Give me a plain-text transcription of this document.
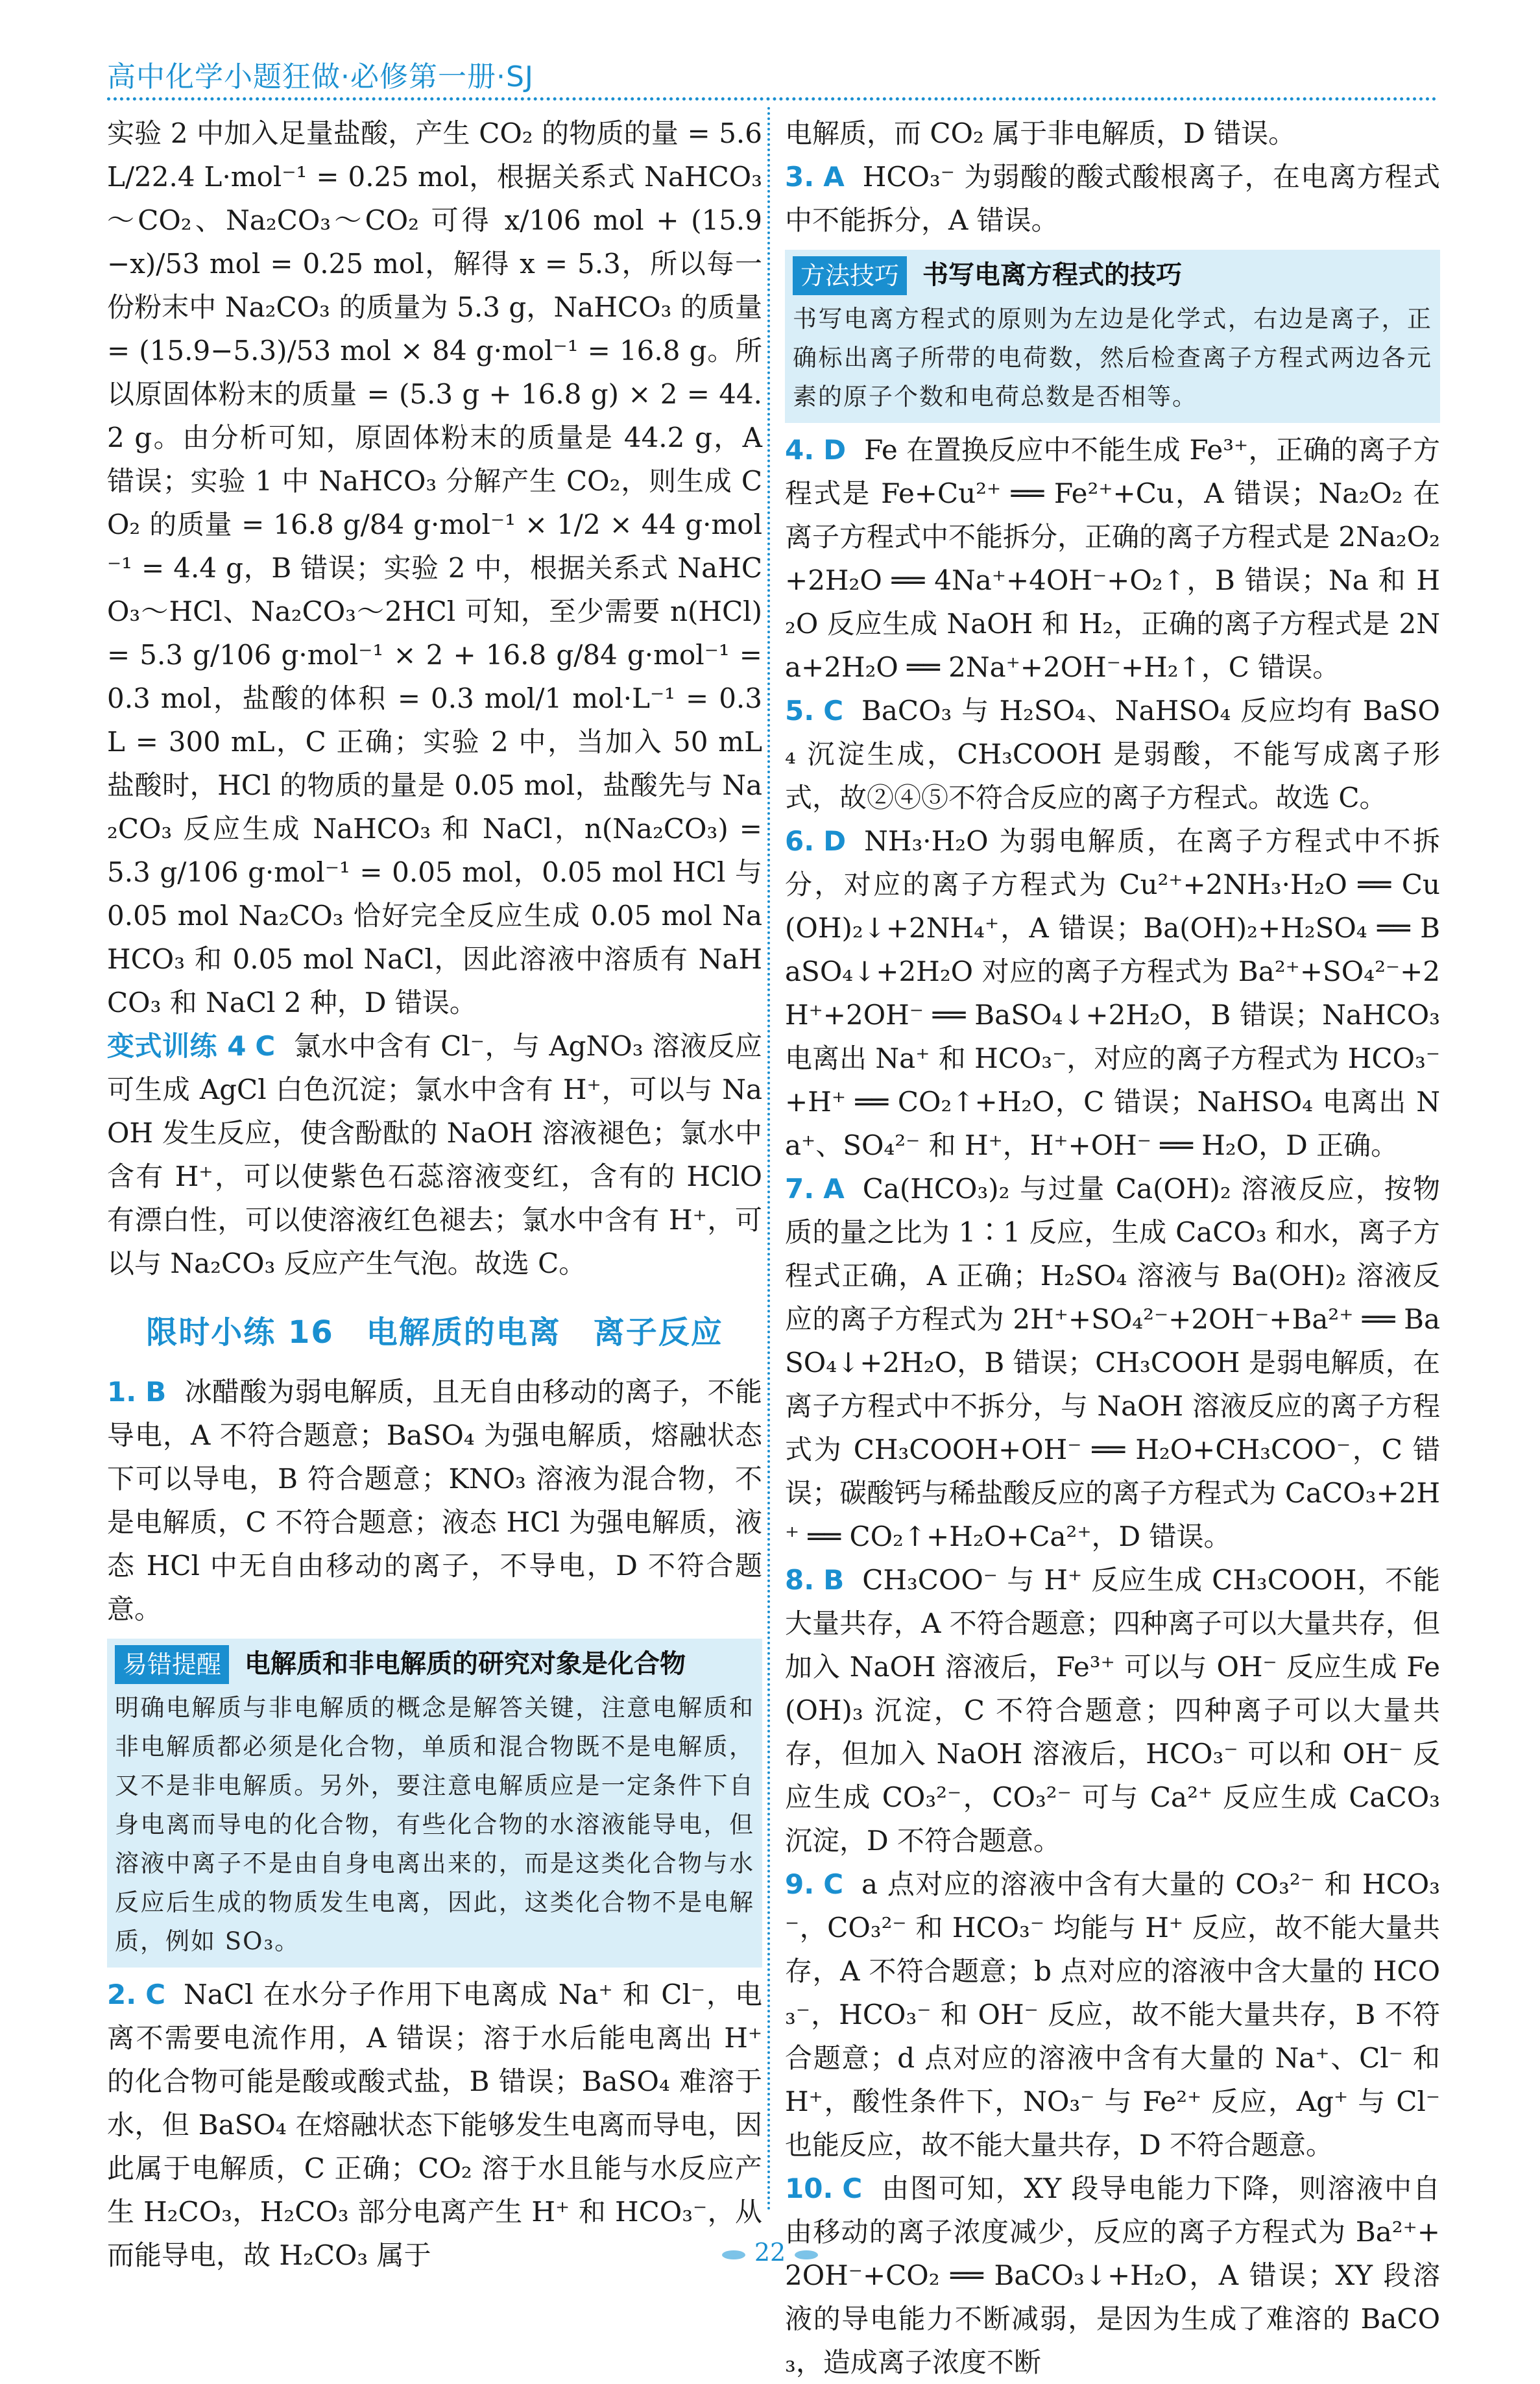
高中化学小题狂做·必修第一册·SJ

实验 2 中加入足量盐酸，产生 CO₂ 的物质的量 = 5.6 L/22.4 L·mol⁻¹ = 0.25 mol，根据关系式 NaHCO₃～CO₂、Na₂CO₃～CO₂ 可得 x/106 mol + (15.9−x)/53 mol = 0.25 mol，解得 x = 5.3，所以每一份粉末中 Na₂CO₃ 的质量为 5.3 g，NaHCO₃ 的质量 = (15.9−5.3)/53 mol × 84 g·mol⁻¹ = 16.8 g。所以原固体粉末的质量 = (5.3 g + 16.8 g) × 2 = 44.2 g。由分析可知，原固体粉末的质量是 44.2 g，A 错误；实验 1 中 NaHCO₃ 分解产生 CO₂，则生成 CO₂ 的质量 = 16.8 g/84 g·mol⁻¹ × 1/2 × 44 g·mol⁻¹ = 4.4 g，B 错误；实验 2 中，根据关系式 NaHCO₃～HCl、Na₂CO₃～2HCl 可知，至少需要 n(HCl) = 5.3 g/106 g·mol⁻¹ × 2 + 16.8 g/84 g·mol⁻¹ = 0.3 mol，盐酸的体积 = 0.3 mol/1 mol·L⁻¹ = 0.3 L = 300 mL，C 正确；实验 2 中，当加入 50 mL 盐酸时，HCl 的物质的量是 0.05 mol，盐酸先与 Na₂CO₃ 反应生成 NaHCO₃ 和 NaCl，n(Na₂CO₃) = 5.3 g/106 g·mol⁻¹ = 0.05 mol，0.05 mol HCl 与 0.05 mol Na₂CO₃ 恰好完全反应生成 0.05 mol NaHCO₃ 和 0.05 mol NaCl，因此溶液中溶质有 NaHCO₃ 和 NaCl 2 种，D 错误。

变式训练 4 C 氯水中含有 Cl⁻，与 AgNO₃ 溶液反应可生成 AgCl 白色沉淀；氯水中含有 H⁺，可以与 NaOH 发生反应，使含酚酞的 NaOH 溶液褪色；氯水中含有 H⁺，可以使紫色石蕊溶液变红，含有的 HClO 有漂白性，可以使溶液红色褪去；氯水中含有 H⁺，可以与 Na₂CO₃ 反应产生气泡。故选 C。

限时小练 16　电解质的电离　离子反应

1. B 冰醋酸为弱电解质，且无自由移动的离子，不能导电，A 不符合题意；BaSO₄ 为强电解质，熔融状态下可以导电，B 符合题意；KNO₃ 溶液为混合物，不是电解质，C 不符合题意；液态 HCl 为强电解质，液态 HCl 中无自由移动的离子，不导电，D 不符合题意。

易错提醒 电解质和非电解质的研究对象是化合物
明确电解质与非电解质的概念是解答关键，注意电解质和非电解质都必须是化合物，单质和混合物既不是电解质，又不是非电解质。另外，要注意电解质应是一定条件下自身电离而导电的化合物，有些化合物的水溶液能导电，但溶液中离子不是由自身电离出来的，而是这类化合物与水反应后生成的物质发生电离，因此，这类化合物不是电解质，例如 SO₃。

2. C NaCl 在水分子作用下电离成 Na⁺ 和 Cl⁻，电离不需要电流作用，A 错误；溶于水后能电离出 H⁺ 的化合物可能是酸或酸式盐，B 错误；BaSO₄ 难溶于水，但 BaSO₄ 在熔融状态下能够发生电离而导电，因此属于电解质，C 正确；CO₂ 溶于水且能与水反应产生 H₂CO₃，H₂CO₃ 部分电离产生 H⁺ 和 HCO₃⁻，从而能导电，故 H₂CO₃ 属于

电解质，而 CO₂ 属于非电解质，D 错误。

3. A HCO₃⁻ 为弱酸的酸式酸根离子，在电离方程式中不能拆分，A 错误。

方法技巧 书写电离方程式的技巧
书写电离方程式的原则为左边是化学式，右边是离子，正确标出离子所带的电荷数，然后检查离子方程式两边各元素的原子个数和电荷总数是否相等。

4. D Fe 在置换反应中不能生成 Fe³⁺，正确的离子方程式是 Fe+Cu²⁺ ══ Fe²⁺+Cu，A 错误；Na₂O₂ 在离子方程式中不能拆分，正确的离子方程式是 2Na₂O₂+2H₂O ══ 4Na⁺+4OH⁻+O₂↑，B 错误；Na 和 H₂O 反应生成 NaOH 和 H₂，正确的离子方程式是 2Na+2H₂O ══ 2Na⁺+2OH⁻+H₂↑，C 错误。

5. C BaCO₃ 与 H₂SO₄、NaHSO₄ 反应均有 BaSO₄ 沉淀生成，CH₃COOH 是弱酸，不能写成离子形式，故②④⑤不符合反应的离子方程式。故选 C。

6. D NH₃·H₂O 为弱电解质，在离子方程式中不拆分，对应的离子方程式为 Cu²⁺+2NH₃·H₂O ══ Cu(OH)₂↓+2NH₄⁺，A 错误；Ba(OH)₂+H₂SO₄ ══ BaSO₄↓+2H₂O 对应的离子方程式为 Ba²⁺+SO₄²⁻+2H⁺+2OH⁻ ══ BaSO₄↓+2H₂O，B 错误；NaHCO₃ 电离出 Na⁺ 和 HCO₃⁻，对应的离子方程式为 HCO₃⁻+H⁺ ══ CO₂↑+H₂O，C 错误；NaHSO₄ 电离出 Na⁺、SO₄²⁻ 和 H⁺，H⁺+OH⁻ ══ H₂O，D 正确。

7. A Ca(HCO₃)₂ 与过量 Ca(OH)₂ 溶液反应，按物质的量之比为 1∶1 反应，生成 CaCO₃ 和水，离子方程式正确，A 正确；H₂SO₄ 溶液与 Ba(OH)₂ 溶液反应的离子方程式为 2H⁺+SO₄²⁻+2OH⁻+Ba²⁺ ══ BaSO₄↓+2H₂O，B 错误；CH₃COOH 是弱电解质，在离子方程式中不拆分，与 NaOH 溶液反应的离子方程式为 CH₃COOH+OH⁻ ══ H₂O+CH₃COO⁻，C 错误；碳酸钙与稀盐酸反应的离子方程式为 CaCO₃+2H⁺ ══ CO₂↑+H₂O+Ca²⁺，D 错误。

8. B CH₃COO⁻ 与 H⁺ 反应生成 CH₃COOH，不能大量共存，A 不符合题意；四种离子可以大量共存，但加入 NaOH 溶液后，Fe³⁺ 可以与 OH⁻ 反应生成 Fe(OH)₃ 沉淀，C 不符合题意；四种离子可以大量共存，但加入 NaOH 溶液后，HCO₃⁻ 可以和 OH⁻ 反应生成 CO₃²⁻，CO₃²⁻ 可与 Ca²⁺ 反应生成 CaCO₃ 沉淀，D 不符合题意。

9. C a 点对应的溶液中含有大量的 CO₃²⁻ 和 HCO₃⁻，CO₃²⁻ 和 HCO₃⁻ 均能与 H⁺ 反应，故不能大量共存，A 不符合题意；b 点对应的溶液中含大量的 HCO₃⁻，HCO₃⁻ 和 OH⁻ 反应，故不能大量共存，B 不符合题意；d 点对应的溶液中含有大量的 Na⁺、Cl⁻ 和 H⁺，酸性条件下，NO₃⁻ 与 Fe²⁺ 反应，Ag⁺ 与 Cl⁻ 也能反应，故不能大量共存，D 不符合题意。

10. C 由图可知，XY 段导电能力下降，则溶液中自由移动的离子浓度减少，反应的离子方程式为 Ba²⁺+2OH⁻+CO₂ ══ BaCO₃↓+H₂O，A 错误；XY 段溶液的导电能力不断减弱，是因为生成了难溶的 BaCO₃，造成离子浓度不断

22
